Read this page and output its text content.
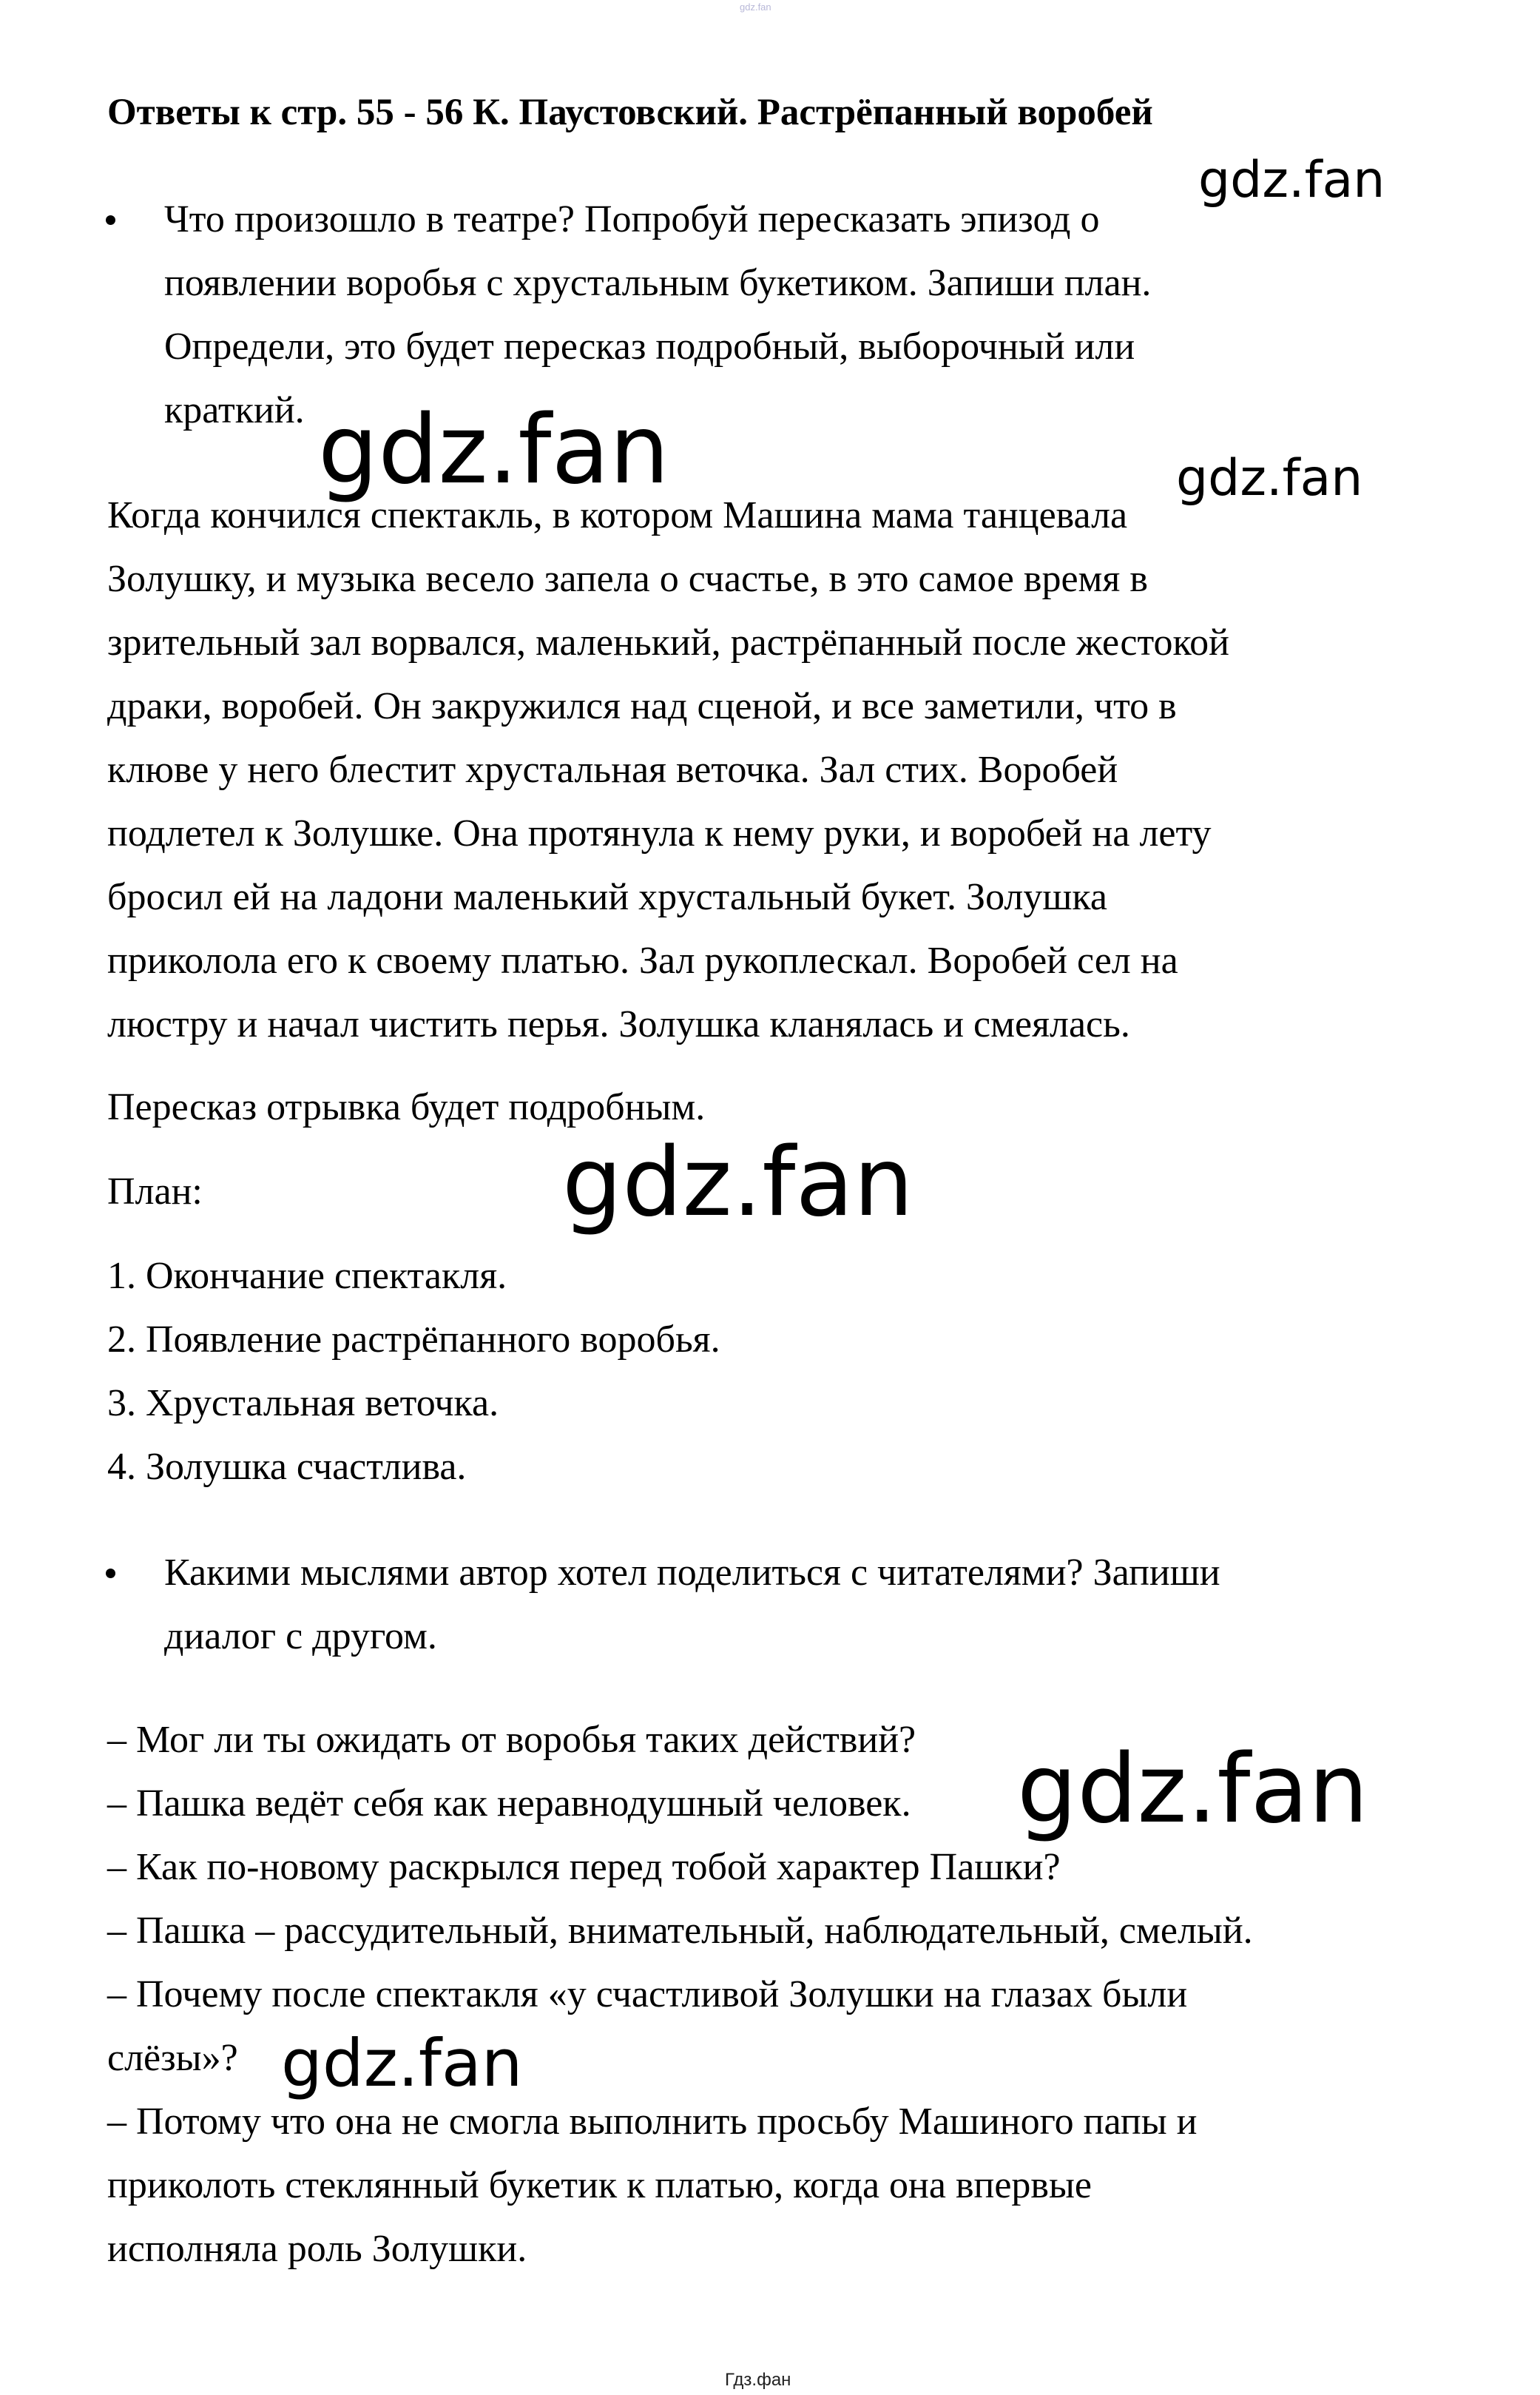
gdz.fan
Ответы к стр. 55 - 56 К. Паустовский. Растрёпанный воробей

Что произошло в театре? Попробуй пересказать эпизод о

появлении воробья с хрустальным букетиком. Запиши план.

Определи, это будет пересказ подробный, выборочный или

краткий.

Когда кончился спектакль, в котором Машина мама танцевала

Золушку, и музыка весело запела о счастье, в это самое время в

зрительный зал ворвался, маленький, растрёпанный после жестокой

драки, воробей. Он закружился над сценой, и все заметили, что в

клюве у него блестит хрустальная веточка. Зал стих. Воробей

подлетел к Золушке. Она протянула к нему руки, и воробей на лету

бросил ей на ладони маленький хрустальный букет. Золушка

приколола его к своему платью. Зал рукоплескал. Воробей сел на

люстру и начал чистить перья. Золушка кланялась и смеялась.

Пересказ отрывка будет подробным.

План:

1. Окончание спектакля.

2. Появление растрёпанного воробья.

3. Хрустальная веточка.

4. Золушка счастлива.

Какими мыслями автор хотел поделиться с читателями? Запиши

диалог с другом.

– Мог ли ты ожидать от воробья таких действий?

– Пашка ведёт себя как неравнодушный человек.

– Как по-новому раскрылся перед тобой характер Пашки?

– Пашка – рассудительный, внимательный, наблюдательный, смелый.

– Почему после спектакля «у счастливой Золушки на глазах были

слёзы»?

– Потому что она не смогла выполнить просьбу Машиного папы и

приколоть стеклянный букетик к платью, когда она впервые

исполняла роль Золушки.

gdz.fan
gdz.fan	gdz.fan
gdz.fan
gdz.fan
gdz.fan
Гдз.фан
